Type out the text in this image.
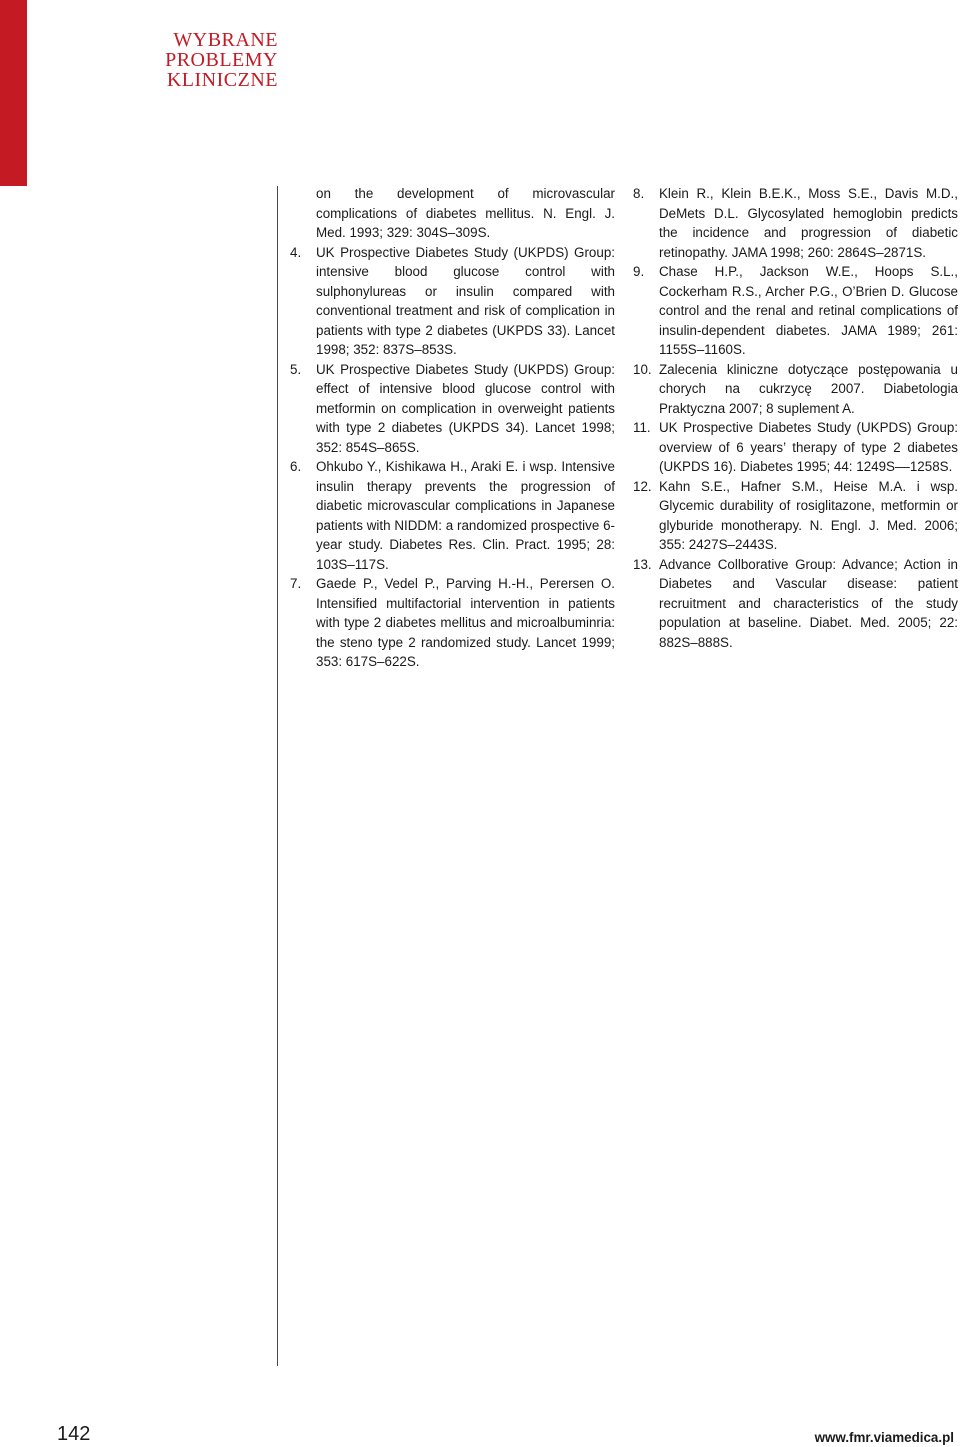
WYBRANE
PROBLEMY
KLINICZNE
on the development of microvascular complications of diabetes mellitus. N. Engl. J. Med. 1993; 329: 304S–309S.
4.	UK Prospective Diabetes Study (UKPDS) Group: intensive blood glucose control with sulphonylureas or insulin compared with conventional treatment and risk of complication in patients with type 2 diabetes (UKPDS 33). Lancet 1998; 352: 837S–853S.
5.	UK Prospective Diabetes Study (UKPDS) Group: effect of intensive blood glucose control with metformin on complication in overweight patients with type 2 diabetes (UKPDS 34). Lancet 1998; 352: 854S–865S.
6.	Ohkubo Y., Kishikawa H., Araki E. i wsp. Intensive insulin therapy prevents the progression of diabetic microvascular complications in Japanese patients with NIDDM: a randomized prospective 6-year study. Diabetes Res. Clin. Pract. 1995; 28: 103S–117S.
7.	Gaede P., Vedel P., Parving H.-H., Perersen O. Intensified multifactorial intervention in patients with type 2 diabetes mellitus and microalbuminria: the steno type 2 randomized study. Lancet 1999; 353: 617S–622S.
8.	Klein R., Klein B.E.K., Moss S.E., Davis M.D., DeMets D.L. Glycosylated hemoglobin predicts the incidence and progression of diabetic retinopathy. JAMA 1998; 260: 2864S–2871S.
9.	Chase H.P., Jackson W.E., Hoops S.L., Cockerham R.S., Archer P.G., O’Brien D. Glucose control and the renal and retinal complications of insulin-dependent diabetes. JAMA 1989; 261: 1155S–1160S.
10. Zalecenia kliniczne dotyczące postępowania u chorych na cukrzycę 2007. Diabetologia Praktyczna 2007; 8 suplement A.
11. UK Prospective Diabetes Study (UKPDS) Group: overview of 6 years’ therapy of type 2 diabetes (UKPDS 16). Diabetes 1995; 44: 1249S––1258S.
12. Kahn S.E., Hafner S.M., Heise M.A. i wsp. Glycemic durability of rosiglitazone, metformin or glyburide monotherapy. N. Engl. J. Med. 2006; 355: 2427S–2443S.
13. Advance Collborative Group: Advance; Action in Diabetes and Vascular disease: patient recruitment and characteristics of the study population at baseline. Diabet. Med. 2005; 22: 882S–888S.
142	www.fmr.viamedica.pl
